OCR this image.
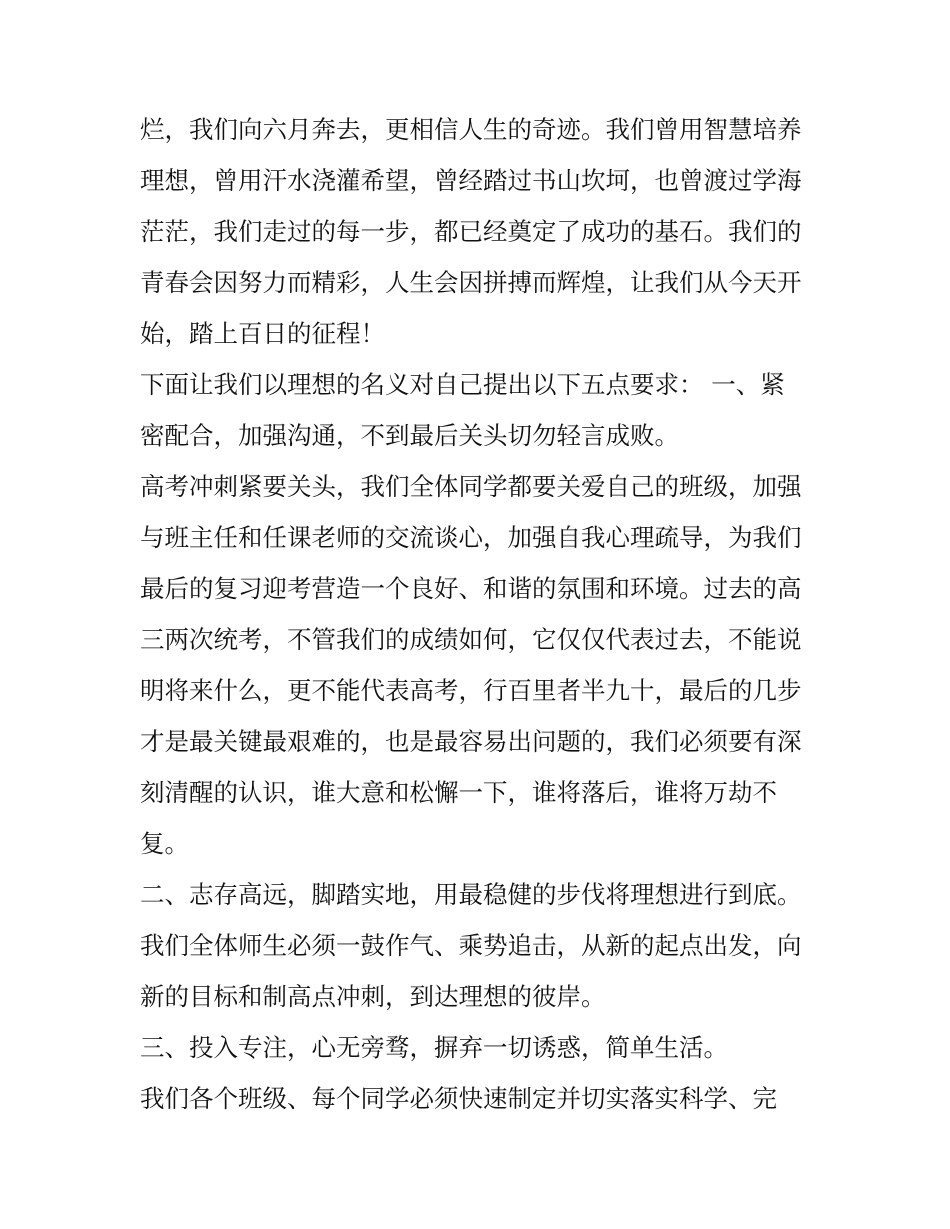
烂，我们向六月奔去，更相信人生的奇迹。我们曾用智慧培养
理想，曾用汗水浇灌希望，曾经踏过书山坎坷，也曾渡过学海
茫茫，我们走过的每一步，都已经奠定了成功的基石。我们的
青春会因努力而精彩，人生会因拼搏而辉煌，让我们从今天开
始，踏上百日的征程！
下面让我们以理想的名义对自己提出以下五点要求： 一、紧
密配合，加强沟通，不到最后关头切勿轻言成败。
高考冲刺紧要关头，我们全体同学都要关爱自己的班级，加强
与班主任和任课老师的交流谈心，加强自我心理疏导，为我们
最后的复习迎考营造一个良好、和谐的氛围和环境。过去的高
三两次统考，不管我们的成绩如何，它仅仅代表过去，不能说
明将来什么，更不能代表高考，行百里者半九十，最后的几步
才是最关键最艰难的，也是最容易出问题的，我们必须要有深
刻清醒的认识，谁大意和松懈一下，谁将落后，谁将万劫不
复。
二、志存高远，脚踏实地，用最稳健的步伐将理想进行到底。
我们全体师生必须一鼓作气、乘势追击，从新的起点出发，向
新的目标和制高点冲刺，到达理想的彼岸。
三、投入专注，心无旁骛，摒弃一切诱惑，简单生活。
我们各个班级、每个同学必须快速制定并切实落实科学、完
